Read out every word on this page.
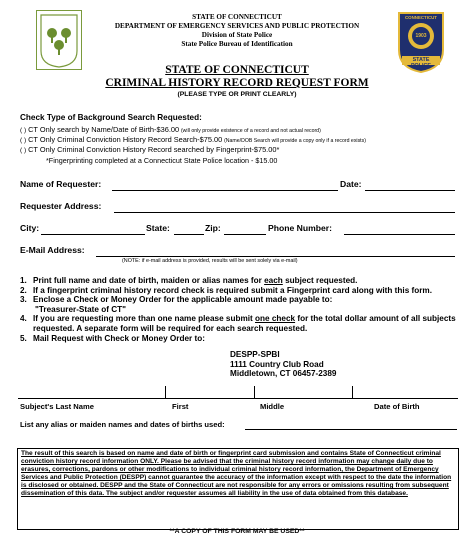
CONNECTICUT
1903
STATE POLICE
STATE OF CONNECTICUT
DEPARTMENT OF EMERGENCY SERVICES AND PUBLIC PROTECTION
Division of State Police
State Police Bureau of Identification
STATE OF CONNECTICUT
CRIMINAL HISTORY RECORD REQUEST FORM
(PLEASE TYPE OR PRINT CLEARLY)
Check Type of Background Search Requested:
( ) CT Only search by Name/Date of Birth-$36.00 (will only provide existence of a record and not actual record)
( ) CT Only Criminal Conviction History Record Search-$75.00 (Name/DOB Search will provide a copy only if a record exists)
( ) CT Only Criminal Conviction History Record searched by Fingerprint-$75.00*
*Fingerprinting completed at a Connecticut State Police location - $15.00
Name of Requester:	Date:
Requester Address:
City:	State:	Zip:	Phone Number:
E-Mail Address:
(NOTE: if e-mail address is provided, results will be sent solely via e-mail)
1. Print full name and date of birth, maiden or alias names for each subject requested.
2. If a fingerprint criminal history record check is required submit a Fingerprint card along with this form.
3. Enclose a Check or Money Order for the applicable amount made payable to:
"Treasurer-State of CT"
4. If you are requesting more than one name please submit one check for the total dollar amount of all subjects requested. A separate form will be required for each search requested.
5. Mail Request with Check or Money Order to:
DESPP-SPBI
1111 Country Club Road
Middletown, CT 06457-2389
Subject's Last Name	First	Middle	Date of Birth
List any alias or maiden names and dates of births used:
The result of this search is based on name and date of birth or fingerprint card submission and contains State of Connecticut criminal conviction history record information ONLY. Please be advised that the criminal history record information may change daily due to erasures, corrections, pardons or other modifications to individual criminal history record information, the Department of Emergency Services and Public Protection (DESPP) cannot guarantee the accuracy of the information except with respect to the date the information is disclosed or obtained. DESPP and the State of Connecticut are not responsible for any errors or omissions resulting from subsequent dissemination of this data. The subject and/or requester assumes all liability in the use of data obtained from this database.
**A COPY OF THIS FORM MAY BE USED**
